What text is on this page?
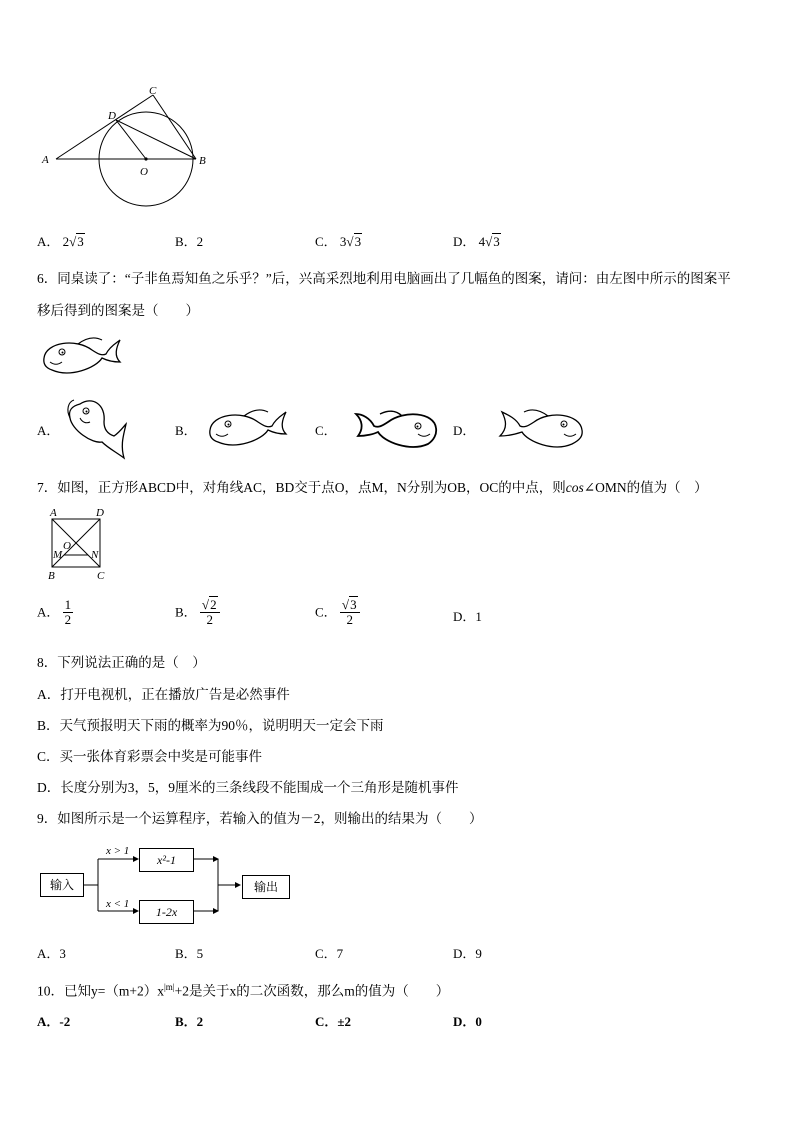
A	B
C
D
O
A． 2√3	B．2	C． 3√3	D． 4√3
6．同桌读了：“子非鱼焉知鱼之乐乎？”后，兴高采烈地利用电脑画出了几幅鱼的图案，请问：由左图中所示的图案平
移后得到的图案是（　　）
A．	B．	C．	D．
7．如图，正方形ABCD中，对角线AC，BD交于点O，点M，N分别为OB，OC的中点，则cos∠OMN的值为（　）
A	D
B	C
O
M	N
A． $\frac{1}{2}$	B． $\frac{√2}{2}$	C． $\frac{√3}{2}$	D．1
8．下列说法正确的是（　）
A．打开电视机，正在播放广告是必然事件
B．天气预报明天下雨的概率为90％，说明明天一定会下雨
C．买一张体育彩票会中奖是可能事件
D．长度分别为3，5，9厘米的三条线段不能围成一个三角形是随机事件
9．如图所示是一个运算程序，若输入的值为－2，则输出的结果为（　　）
输入
x²-1
1-2x
输出
x > 1
x < 1
A．3	B．5	C．7	D．9
10．已知$y=(m+2)x^{|m|}+2$是关于x的二次函数，那么m的值为（　　）
A．-2	B．2	C．±2	D．0
